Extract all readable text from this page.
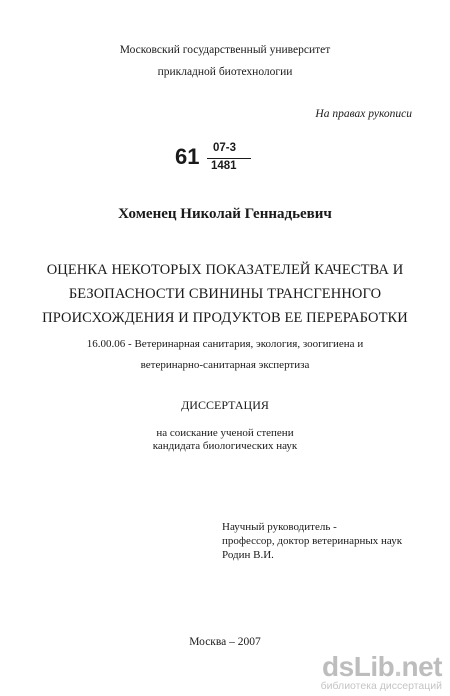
Московский государственный университет
прикладной биотехнологии
На правах рукописи
61 07-3
1481
Хоменец Николай Геннадьевич
ОЦЕНКА НЕКОТОРЫХ ПОКАЗАТЕЛЕЙ КАЧЕСТВА И
БЕЗОПАСНОСТИ СВИНИНЫ ТРАНСГЕННОГО
ПРОИСХОЖДЕНИЯ И ПРОДУКТОВ ЕЕ ПЕРЕРАБОТКИ
16.00.06 - Ветеринарная санитария, экология, зоогигиена и
ветеринарно-санитарная экспертиза
ДИССЕРТАЦИЯ
на соискание ученой степени
кандидата биологических наук
Научный руководитель -
профессор, доктор ветеринарных наук
Родин В.И.
Москва – 2007
dsLib.net
библиотека диссертаций
